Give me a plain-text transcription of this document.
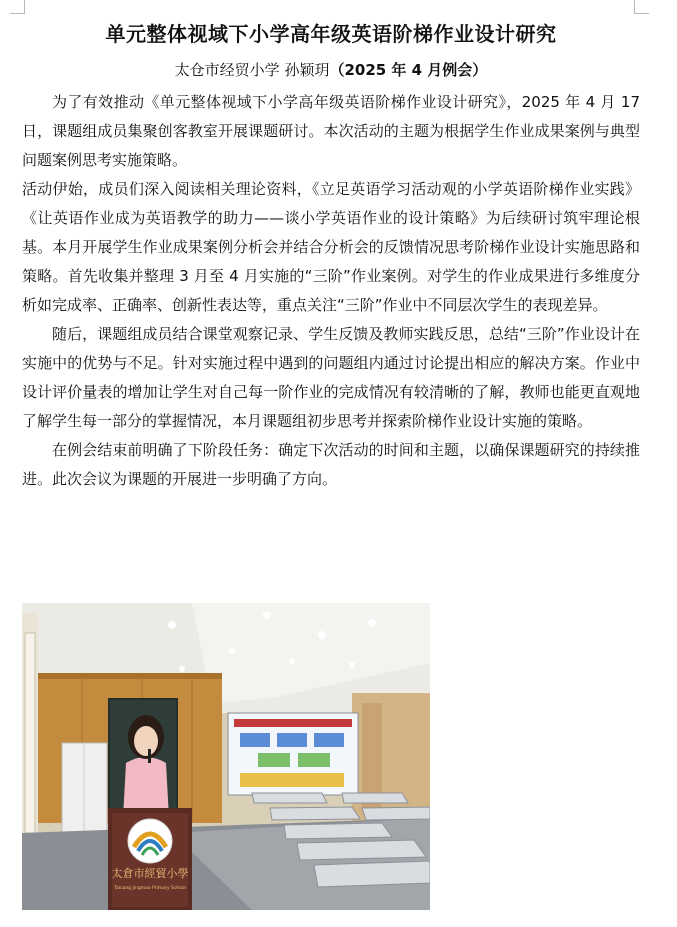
单元整体视域下小学高年级英语阶梯作业设计研究
太仓市经贸小学 孙颖玥（2025 年 4 月例会）

为了有效推动《单元整体视域下小学高年级英语阶梯作业设计研究》，2025 年 4 月 17 日，课题组成员集聚创客教室开展课题研讨。本次活动的主题为根据学生作业成果案例与典型问题案例思考实施策略。

活动伊始，成员们深入阅读相关理论资料，《立足英语学习活动观的小学英语阶梯作业实践》《让英语作业成为英语教学的助力——谈小学英语作业的设计策略》为后续研讨筑牢理论根基。本月开展学生作业成果案例分析会并结合分析会的反馈情况思考阶梯作业设计实施思路和策略。首先收集并整理 3 月至 4 月实施的“三阶”作业案例。对学生的作业成果进行多维度分析如完成率、正确率、创新性表达等，重点关注“三阶”作业中不同层次学生的表现差异。

随后，课题组成员结合课堂观察记录、学生反馈及教师实践反思，总结“三阶”作业设计在实施中的优势与不足。针对实施过程中遇到的问题组内通过讨论提出相应的解决方案。作业中设计评价量表的增加让学生对自己每一阶作业的完成情况有较清晰的了解，教师也能更直观地了解学生每一部分的掌握情况，本月课题组初步思考并探索阶梯作业设计实施的策略。

在例会结束前明确了下阶段任务：确定下次活动的时间和主题，以确保课题研究的持续推进。此次会议为课题的开展进一步明确了方向。

太倉市經貿小學
Taicang Jingmao Primary School
